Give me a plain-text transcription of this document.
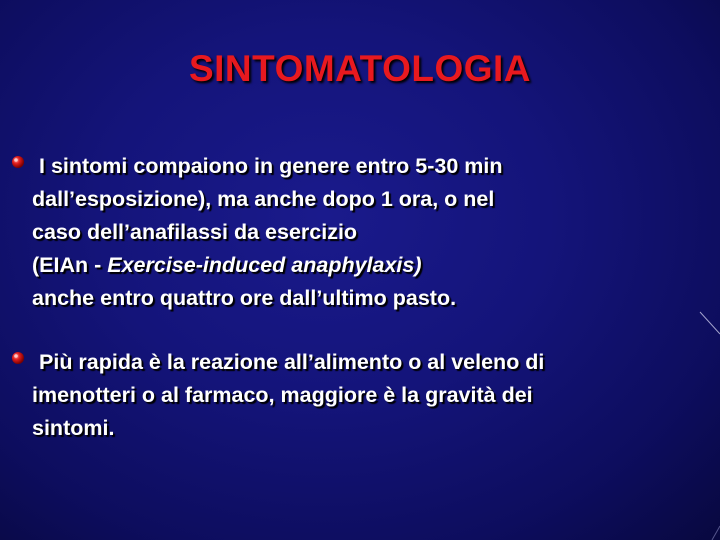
SINTOMATOLOGIA
I sintomi compaiono in genere entro 5-30 min
dall’esposizione), ma anche dopo 1 ora, o nel
caso dell’anafilassi da esercizio
(EIAn - Exercise-induced anaphylaxis)
anche entro quattro ore dall’ultimo pasto.
Più rapida è la reazione all’alimento o al veleno di
imenotteri o al farmaco, maggiore è la gravità dei
sintomi.
